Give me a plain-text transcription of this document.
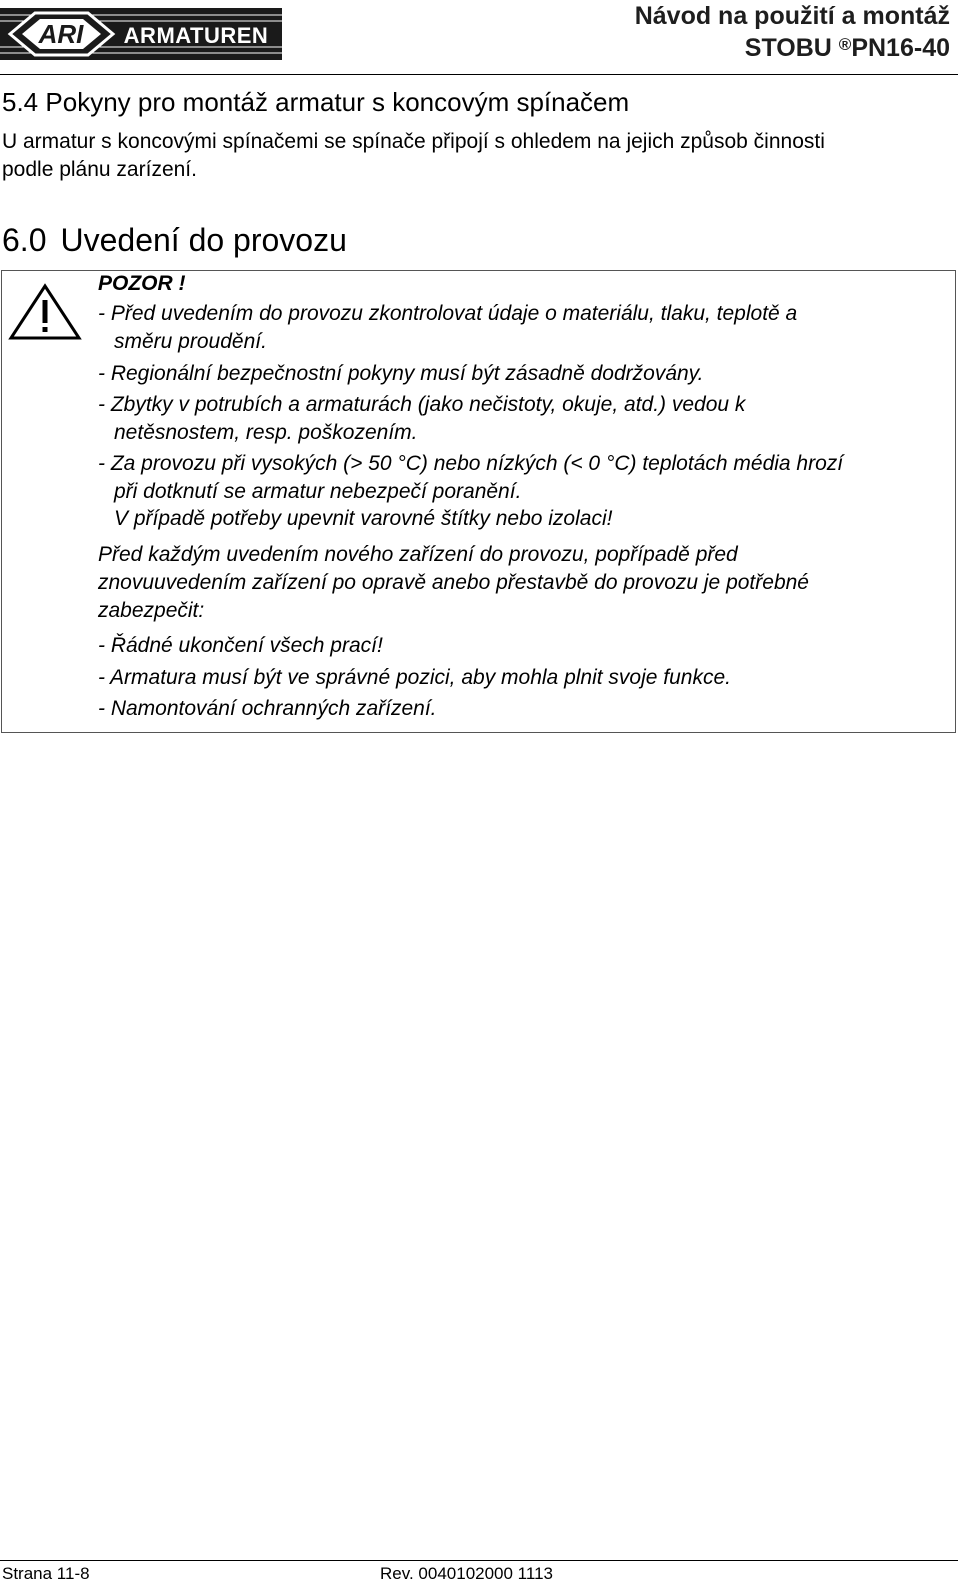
ARI ARMATUREN
Návod na použití a montáž
STOBU ®PN16-40
5.4 Pokyny pro montáž armatur s koncovým spínačem
U armatur s koncovými spínačemi se spínače připojí s ohledem na jejich způsob činnosti
podle plánu zarízení.
6.0 Uvedení do provozu
POZOR !
- Před uvedením do provozu zkontrolovat údaje o materiálu, tlaku, teplotě a
směru proudění.
- Regionální bezpečnostní pokyny musí být zásadně dodržovány.
- Zbytky v potrubích a armaturách (jako nečistoty, okuje, atd.) vedou k
netěsnostem, resp. poškozením.
- Za provozu při vysokých (> 50 °C) nebo nízkých (< 0 °C) teplotách média hrozí
při dotknutí se armatur nebezpečí poranění.
V případě potřeby upevnit varovné štítky nebo izolaci!
Před každým uvedením nového zařízení do provozu, popřípadě před
znovuuvedením zařízení po opravě anebo přestavbě do provozu je potřebné
zabezpečit:
- Řádné ukončení všech prací!
- Armatura musí být ve správné pozici, aby mohla plnit svoje funkce.
- Namontování ochranných zařízení.
Strana 11-8	Rev. 0040102000 1113
